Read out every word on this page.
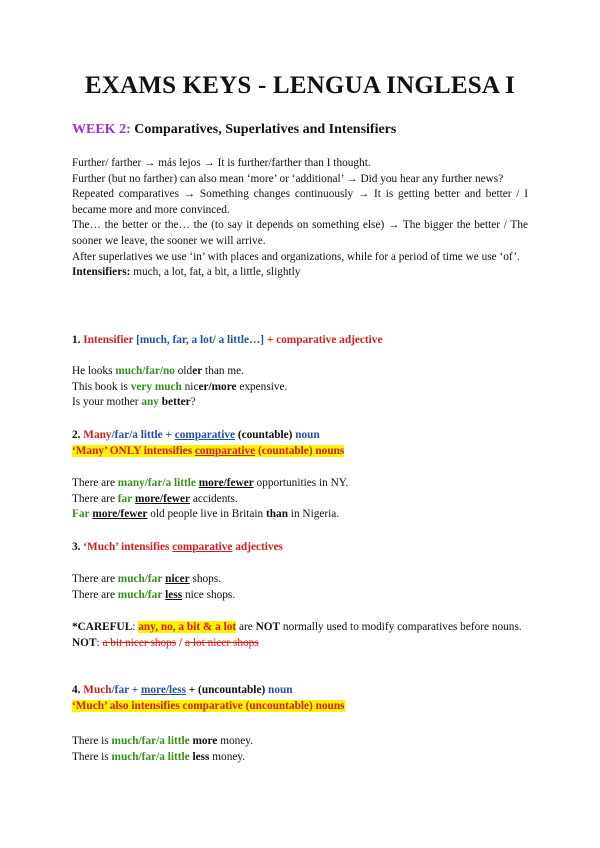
EXAMS KEYS - LENGUA INGLESA I
WEEK 2: Comparatives, Superlatives and Intensifiers

Further/ farther → más lejos → It is further/farther than I thought.

Further (but no farther) can also mean ‘more’ or ‘additional’ → Did you hear any further news?

Repeated comparatives → Something changes continuously → It is getting better and better / I became more and more convinced.

The… the better or the… the (to say it depends on something else) → The bigger the better / The sooner we leave, the sooner we will arrive.

After superlatives we use ‘in’ with places and organizations, while for a period of time we use ‘of’.

Intensifiers: much, a lot, fat, a bit, a little, slightly

1. Intensifier [much, far, a lot/ a little…] + comparative adjective

He looks much/far/no older than me.

This book is very much nicer/more expensive.

Is your mother any better?

2. Many/far/a little + comparative (countable) noun

‘Many’ ONLY intensifies comparative (countable) nouns

There are many/far/a little more/fewer opportunities in NY.

There are far more/fewer accidents.

Far more/fewer old people live in Britain than in Nigeria.

3. ‘Much’ intensifies comparative adjectives

There are much/far nicer shops.

There are much/far less nice shops.

*CAREFUL: any, no, a bit & a lot are NOT normally used to modify comparatives before nouns.

NOT: a bit nicer shops / a lot nicer shops

4. Much/far + more/less + (uncountable) noun

‘Much’ also intensifies comparative (uncountable) nouns

There is much/far/a little more money.

There is much/far/a little less money.
